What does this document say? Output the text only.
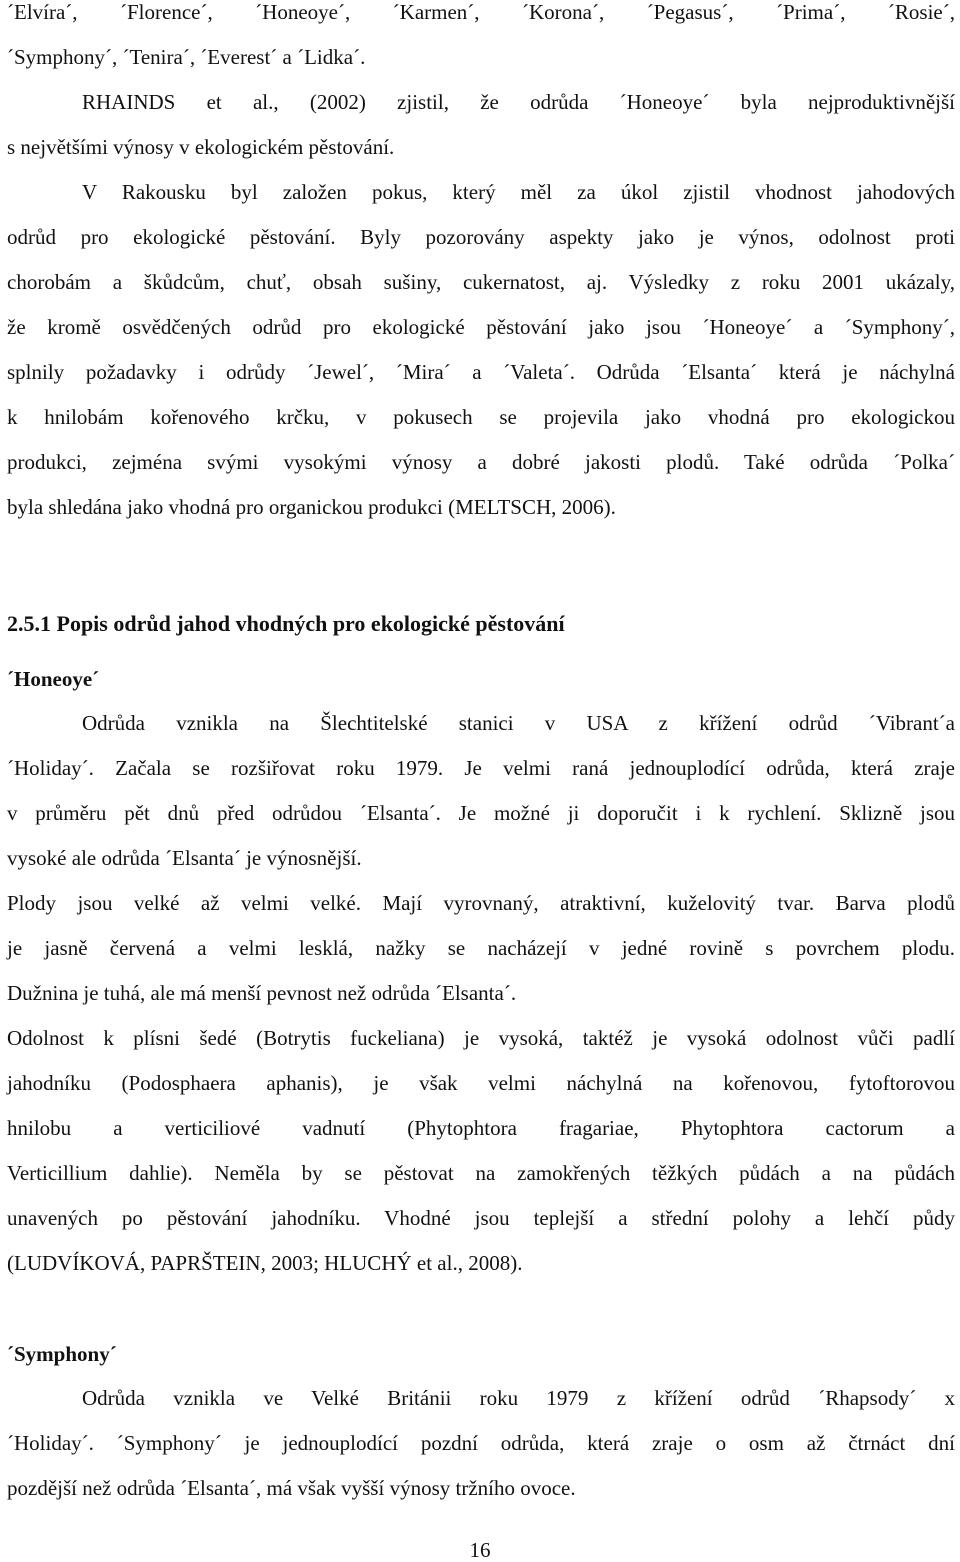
´Elvíra´, ´Florence´, ´Honeoye´, ´Karmen´, ´Korona´, ´Pegasus´, ´Prima´, ´Rosie´,
´Symphony´, ´Tenira´, ´Everest´ a ´Lidka´.
RHAINDS et al., (2002) zjistil, že odrůda ´Honeoye´ byla nejproduktivnější
s největšími výnosy v ekologickém pěstování.
V Rakousku byl založen pokus, který měl za úkol zjistil vhodnost jahodových
odrůd pro ekologické pěstování. Byly pozorovány aspekty jako je výnos, odolnost proti
chorobám a škůdcům, chuť, obsah sušiny, cukernatost, aj. Výsledky z roku 2001 ukázaly,
že kromě osvědčených odrůd pro ekologické pěstování jako jsou ´Honeoye´ a ´Symphony´,
splnily požadavky i odrůdy ´Jewel´, ´Mira´ a ´Valeta´. Odrůda ´Elsanta´ která je náchylná
k hnilobám kořenového krčku, v pokusech se projevila jako vhodná pro ekologickou
produkci, zejména svými vysokými výnosy a dobré jakosti plodů. Také odrůda ´Polka´
byla shledána jako vhodná pro organickou produkci (MELTSCH, 2006).
2.5.1 Popis odrůd jahod vhodných pro ekologické pěstování
´Honeoye´
Odrůda vznikla na Šlechtitelské stanici v USA z křížení odrůd ´Vibrant´a
´Holiday´. Začala se rozšiřovat roku 1979. Je velmi raná jednouplodící odrůda, která zraje
v průměru pět dnů před odrůdou ´Elsanta´. Je možné ji doporučit i k rychlení. Sklizně jsou
vysoké ale odrůda ´Elsanta´ je výnosnější.
Plody jsou velké až velmi velké. Mají vyrovnaný, atraktivní, kuželovitý tvar. Barva plodů
je jasně červená a velmi lesklá, nažky se nacházejí v jedné rovině s povrchem plodu.
Dužnina je tuhá, ale má menší pevnost než odrůda ´Elsanta´.
Odolnost k plísni šedé (Botrytis fuckeliana) je vysoká, taktéž je vysoká odolnost vůči padlí
jahodníku (Podosphaera aphanis), je však velmi náchylná na kořenovou, fytoftorovou
hnilobu a verticiliové vadnutí (Phytophtora fragariae, Phytophtora cactorum a
Verticillium dahlie). Neměla by se pěstovat na zamokřených těžkých půdách a na půdách
unavených po pěstování jahodníku. Vhodné jsou teplejší a střední polohy a lehčí půdy
(LUDVÍKOVÁ, PAPRŠTEIN, 2003; HLUCHÝ et al., 2008).
´Symphony´
Odrůda vznikla ve Velké Británii roku 1979 z křížení odrůd ´Rhapsody´ x
´Holiday´. ´Symphony´ je jednouplodící pozdní odrůda, která zraje o osm až čtrnáct dní
pozdější než odrůda ´Elsanta´, má však vyšší výnosy tržního ovoce.
16
